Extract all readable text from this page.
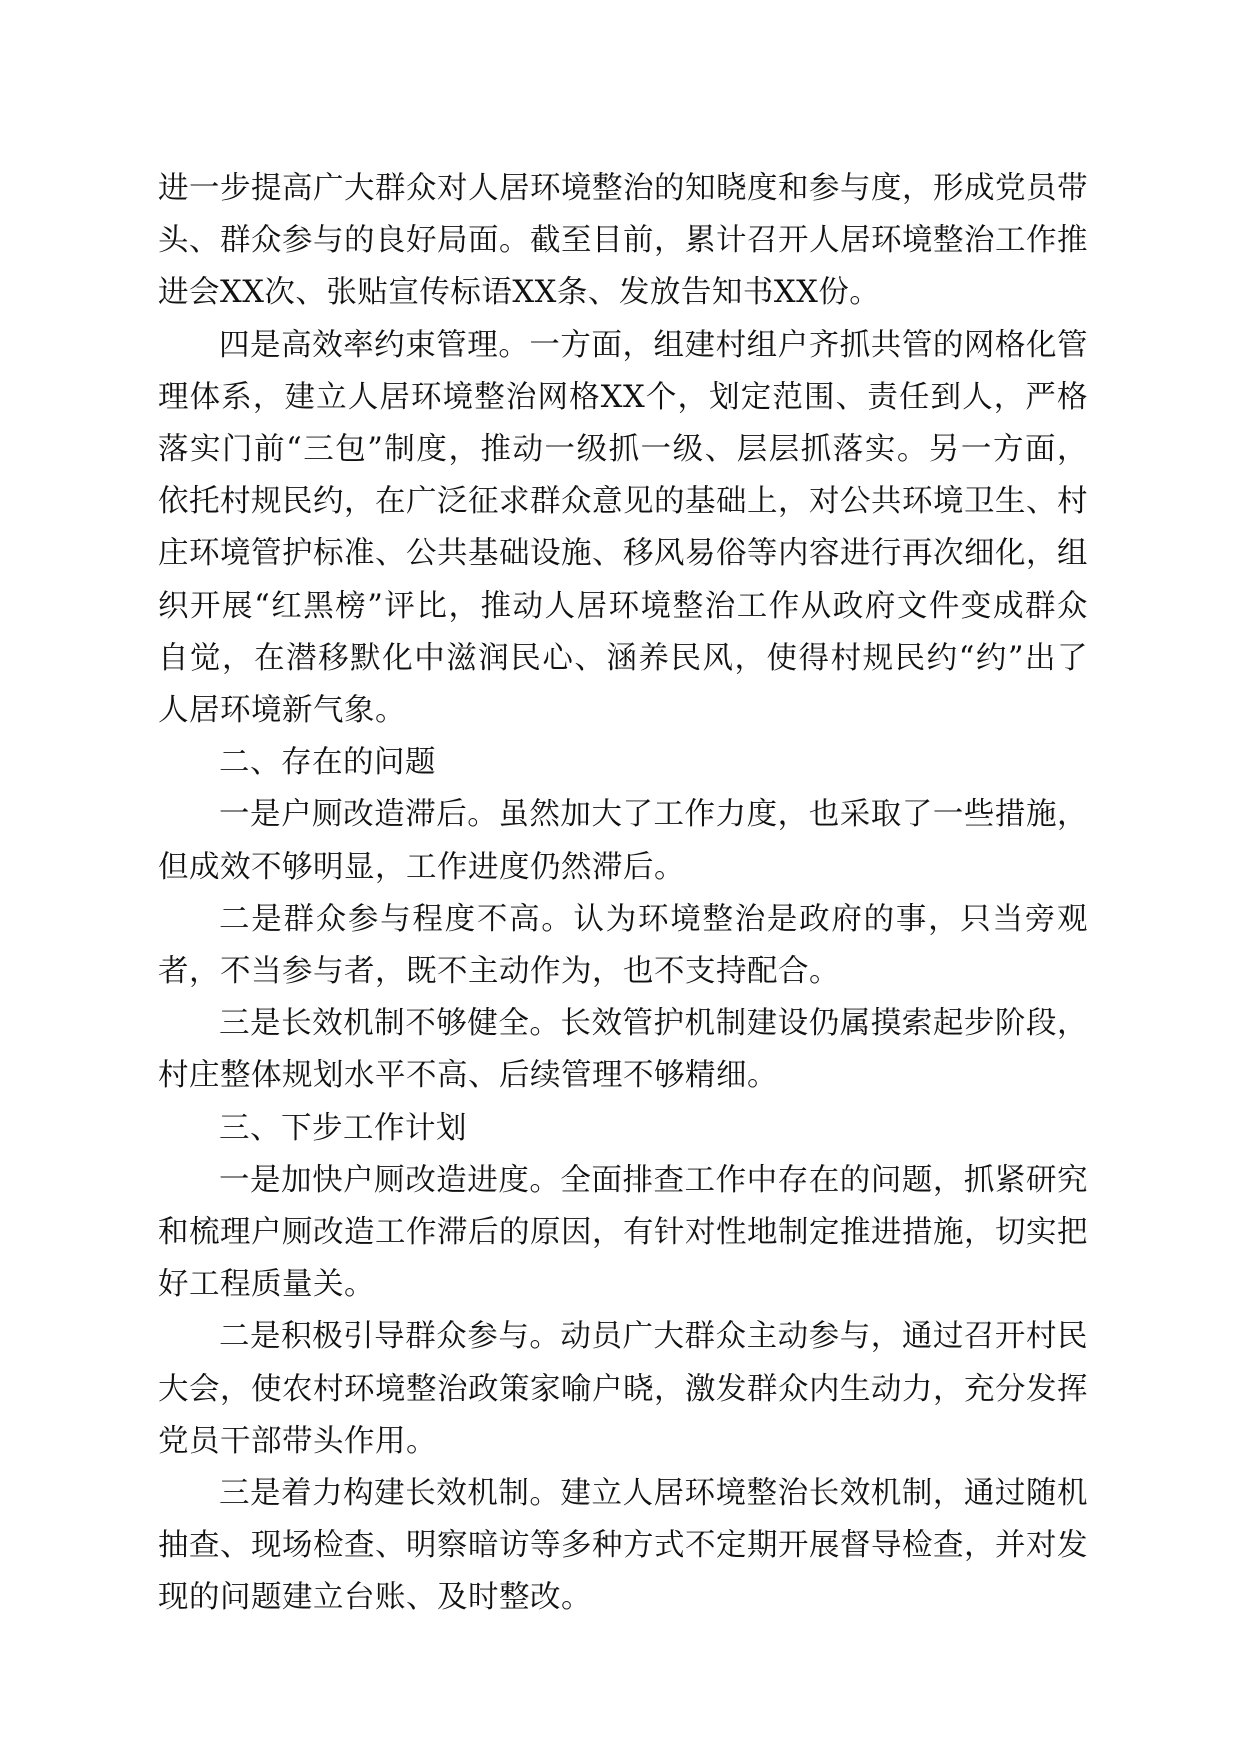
进一步提高广大群众对人居环境整治的知晓度和参与度，形成党员带头、群众参与的良好局面。截至目前，累计召开人居环境整治工作推进会XX次、张贴宣传标语XX条、发放告知书XX份。

四是高效率约束管理。一方面，组建村组户齐抓共管的网格化管理体系，建立人居环境整治网格XX个，划定范围、责任到人，严格落实门前“三包”制度，推动一级抓一级、层层抓落实。另一方面，依托村规民约，在广泛征求群众意见的基础上，对公共环境卫生、村庄环境管护标准、公共基础设施、移风易俗等内容进行再次细化，组织开展“红黑榜”评比，推动人居环境整治工作从政府文件变成群众自觉，在潜移默化中滋润民心、涵养民风，使得村规民约“约”出了人居环境新气象。

二、存在的问题

一是户厕改造滞后。虽然加大了工作力度，也采取了一些措施，但成效不够明显，工作进度仍然滞后。

二是群众参与程度不高。认为环境整治是政府的事，只当旁观者，不当参与者，既不主动作为，也不支持配合。

三是长效机制不够健全。长效管护机制建设仍属摸索起步阶段，村庄整体规划水平不高、后续管理不够精细。

三、下步工作计划

一是加快户厕改造进度。全面排查工作中存在的问题，抓紧研究和梳理户厕改造工作滞后的原因，有针对性地制定推进措施，切实把好工程质量关。

二是积极引导群众参与。动员广大群众主动参与，通过召开村民大会，使农村环境整治政策家喻户晓，激发群众内生动力，充分发挥党员干部带头作用。

三是着力构建长效机制。建立人居环境整治长效机制，通过随机抽查、现场检查、明察暗访等多种方式不定期开展督导检查，并对发现的问题建立台账、及时整改。
